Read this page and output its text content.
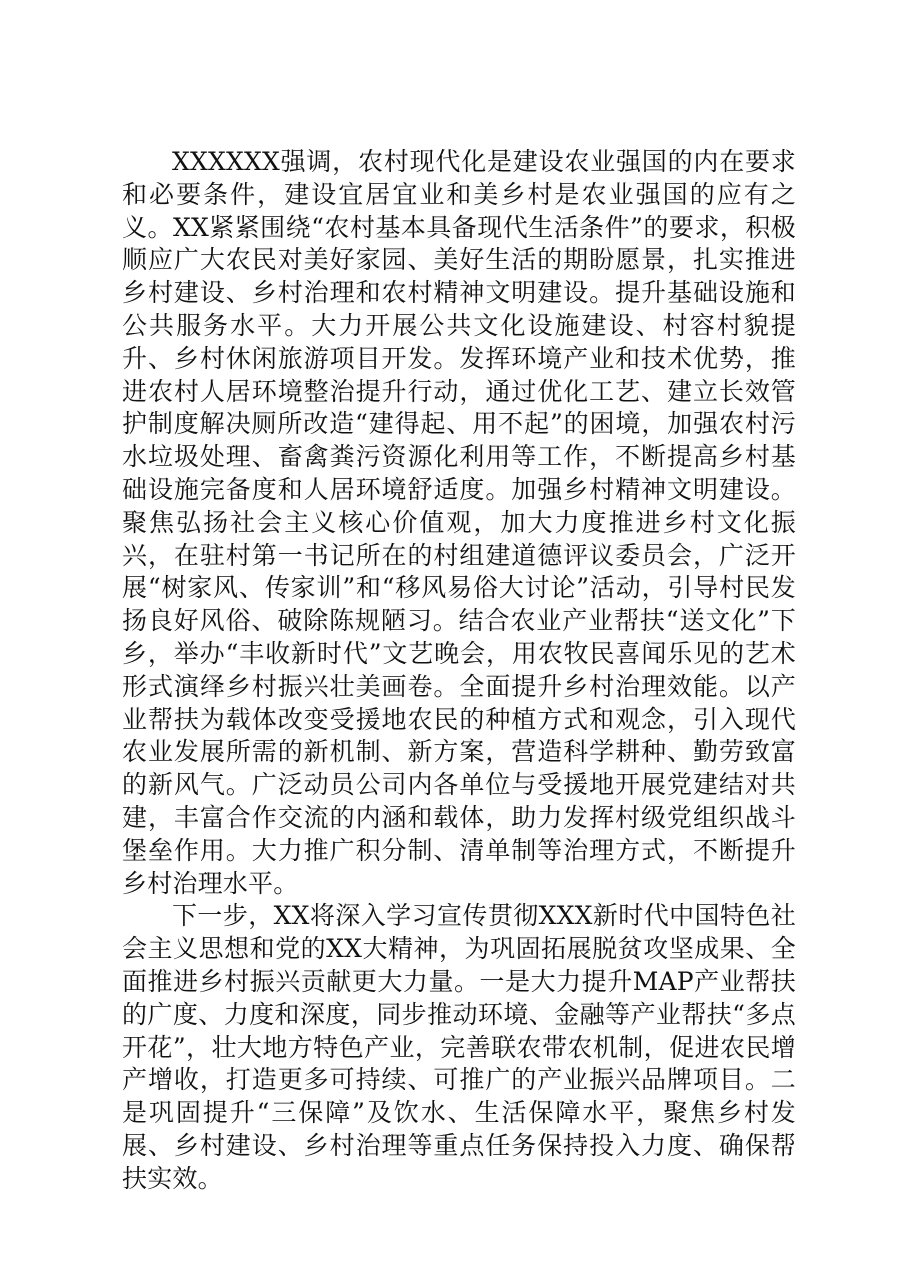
XXXXXX强调，农村现代化是建设农业强国的内在要求和必要条件，建设宜居宜业和美乡村是农业强国的应有之义。XX紧紧围绕“农村基本具备现代生活条件”的要求，积极顺应广大农民对美好家园、美好生活的期盼愿景，扎实推进乡村建设、乡村治理和农村精神文明建设。提升基础设施和公共服务水平。大力开展公共文化设施建设、村容村貌提升、乡村休闲旅游项目开发。发挥环境产业和技术优势，推进农村人居环境整治提升行动，通过优化工艺、建立长效管护制度解决厕所改造“建得起、用不起”的困境，加强农村污水垃圾处理、畜禽粪污资源化利用等工作，不断提高乡村基础设施完备度和人居环境舒适度。加强乡村精神文明建设。聚焦弘扬社会主义核心价值观，加大力度推进乡村文化振兴，在驻村第一书记所在的村组建道德评议委员会，广泛开展“树家风、传家训”和“移风易俗大讨论”活动，引导村民发扬良好风俗、破除陈规陋习。结合农业产业帮扶“送文化”下乡，举办“丰收新时代”文艺晚会，用农牧民喜闻乐见的艺术形式演绎乡村振兴壮美画卷。全面提升乡村治理效能。以产业帮扶为载体改变受援地农民的种植方式和观念，引入现代农业发展所需的新机制、新方案，营造科学耕种、勤劳致富的新风气。广泛动员公司内各单位与受援地开展党建结对共建，丰富合作交流的内涵和载体，助力发挥村级党组织战斗堡垒作用。大力推广积分制、清单制等治理方式，不断提升乡村治理水平。

下一步，XX将深入学习宣传贯彻XXX新时代中国特色社会主义思想和党的XX大精神，为巩固拓展脱贫攻坚成果、全面推进乡村振兴贡献更大力量。一是大力提升MAP产业帮扶的广度、力度和深度，同步推动环境、金融等产业帮扶“多点开花”，壮大地方特色产业，完善联农带农机制，促进农民增产增收，打造更多可持续、可推广的产业振兴品牌项目。二是巩固提升“三保障”及饮水、生活保障水平，聚焦乡村发展、乡村建设、乡村治理等重点任务保持投入力度、确保帮扶实效。
